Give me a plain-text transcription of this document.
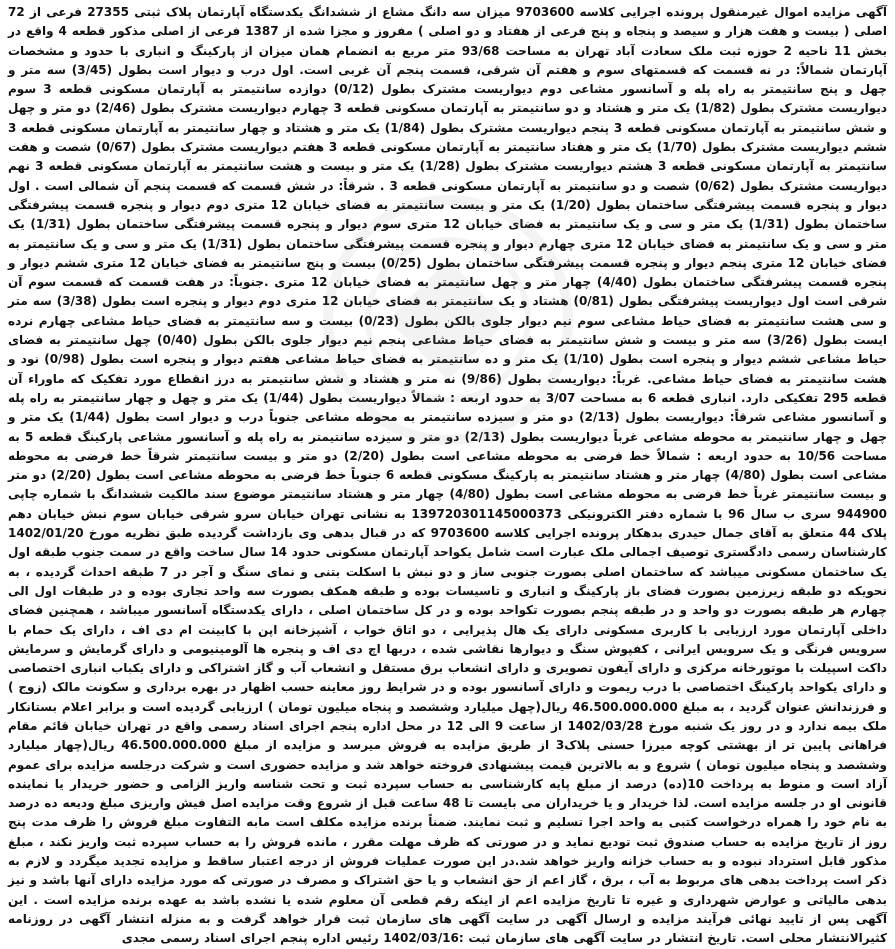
آگهی مزایده اموال غیرمنقول پرونده اجرایی کلاسه 9703600 میزان سه دانگ مشاع از ششدانگ یکدستگاه آپارتمان پلاک ثبتی 27355 فرعی از 72 اصلی ( بیست و هفت هزار و سیصد و پنجاه و پنج فرعی از هفتاد و دو اصلی ) مفروز و مجزا شده از 1387 فرعی از اصلی مذکور قطعه 4 واقع در بخش 11 ناحیه 2 حوزه ثبت ملک سعادت آباد تهران به مساحت 93/68 متر مربع به انضمام همان میزان از پارکینگ و انباری با حدود و مشخصات آپارتمان شمالاً: در نه قسمت که قسمتهای سوم و هفتم آن شرقی، قسمت پنجم آن غربی است. اول درب و دیوار است بطول (3/45) سه متر و چهل و پنج سانتیمتر به راه پله و آسانسور مشاعی دوم دیواریست مشترک بطول (0/12) دوازده سانتیمتر به آپارتمان مسکونی قطعه 3 سوم دیواریست مشترک بطول (1/82) یک متر و هشتاد و دو سانتیمتر به آپارتمان مسکونی قطعه 3 چهارم دیواریست مشترک بطول (2/46) دو متر و چهل و شش سانتیمتر به آپارتمان مسکونی قطعه 3 پنجم دیواریست مشترک بطول (1/84) یک متر و هشتاد و چهار سانتیمتر به آپارتمان مسکونی قطعه 3 ششم دیواریست مشترک بطول (1/70) یک متر و هفتاد سانتیمتر به آپارتمان مسکونی قطعه 3 هفتم دیواریست مشترک بطول (0/67) شصت و هفت سانتیمتر به آپارتمان مسکونی قطعه 3 هشتم دیواریست مشترک بطول (1/28) یک متر و بیست و هشت سانتیمتر به آپارتمان مسکونی قطعه 3 نهم دیواریست مشترک بطول (0/62) شصت و دو سانتیمتر به آپارتمان مسکونی قطعه 3 . شرقاً: در شش قسمت که قسمت پنجم آن شمالی است . اول دیوار و پنجره قسمت پیشرفتگی ساختمان بطول (1/20) یک متر و بیست سانتیمتر به فضای خیابان 12 متری دوم دیوار و پنجره قسمت پیشرفتگی ساختمان بطول (1/31) یک متر و سی و یک سانتیمتر به فضای خیابان 12 متری سوم دیوار و پنجره قسمت پیشرفتگی ساختمان بطول (1/31) یک متر و سی و یک سانتیمتر به فضای خیابان 12 متری چهارم دیوار و پنجره قسمت پیشرفتگی ساختمان بطول (1/31) یک متر و سی و یک سانتیمتر به فضای خیابان 12 متری پنجم دیوار و پنجره قسمت پیشرفتگی ساختمان بطول (0/25) بیست و پنج سانتیمتر به فضای خیابان 12 متری ششم دیوار و پنجره قسمت پیشرفتگی ساختمان بطول (4/40) چهار متر و چهل سانتیمتر به فضای خیابان 12 متری .جنوباً: در هفت قسمت که قسمت سوم آن شرقی است اول دیواریست پیشرفتگی بطول (0/81) هشتاد و یک سانتیمتر به فضای خیابان 12 متری دوم دیوار و پنجره است بطول (3/38) سه متر و سی هشت سانتیمتر به فضای حیاط مشاعی سوم نیم دیوار جلوی بالکن بطول (0/23) بیست و سه سانتیمتر به فضای حیاط مشاعی چهارم نرده ایست بطول (3/26) سه متر و بیست و شش سانتیمتر به فضای حیاط مشاعی پنجم نیم دیوار جلوی بالکن بطول (0/40) چهل سانتیمتر به فضای حیاط مشاعی ششم دیوار و پنجره است بطول (1/10) یک متر و ده سانتیمتر به فضای حیاط مشاعی هفتم دیوار و پنجره است بطول (0/98) نود و هشت سانتیمتر به فضای حیاط مشاعی. غرباً: دیواریست بطول (9/86) نه متر و هشتاد و شش سانتیمتر به درز انقطاع مورد تفکیک که ماوراء آن قطعه 295 تفکیکی دارد. انباری قطعه 6 به مساحت 3/07 به حدود اربعه : شمالاً دیواریست بطول (1/44) یک متر و چهل و چهار سانتیمتر به راه پله و آسانسور مشاعی شرقاً: دیواریست بطول (2/13) دو متر و سیزده سانتیمتر به محوطه مشاعی جنوباً درب و دیوار است بطول (1/44) یک متر و چهل و چهار سانتیمتر به محوطه مشاعی غرباً دیواریست بطول (2/13) دو متر و سیزده سانتیمتر به راه پله و آسانسور مشاعی پارکینگ قطعه 5 به مساحت 10/56 به حدود اربعه : شمالاً خط فرضی به محوطه مشاعی است بطول (2/20) دو متر و بیست سانتیمتر شرقاً خط فرضی به محوطه مشاعی است بطول (4/80) چهار متر و هشتاد سانتیمتر به پارکینگ مسکونی قطعه 6 جنوباً خط فرضی به محوطه مشاعی است بطول (2/20) دو متر و بیست سانتیمتر غرباً خط فرضی به محوطه مشاعی است بطول (4/80) چهار متر و هشتاد سانتیمتر موضوع سند مالکیت ششدانگ با شماره چاپی 944900 سری ب سال 96 با شماره دفتر الکترونیکی 139720301145000373 به نشانی تهران خیابان سرو شرقی خیابان سوم نبش خیابان دهم پلاک 44 متعلق به آقای جمال حیدری بدهکار پرونده اجرایی کلاسه 9703600 که در قبال بدهی وی بازداشت گردیده طبق نظریه مورخ 1402/01/20 کارشناسان رسمی دادگستری توصیف اجمالی ملک عبارت است شامل یکواحد آپارتمان مسکونی حدود 14 سال ساخت واقع در سمت جنوب طبقه اول یک ساختمان مسکونی میباشد که ساختمان اصلی بصورت جنوبی ساز و دو نبش با اسکلت بتنی و نمای سنگ و آجر در 7 طبقه احداث گردیده ، به نحویکه دو طبقه زیرزمین بصورت فضای باز پارکینگ و انباری و تاسیسات بوده و طبقه همکف بصورت سه واحد تجاری بوده و در طبقات اول الی چهارم هر طبقه بصورت دو واحد و در طبقه پنجم بصورت تکواحد بوده و در کل ساختمان اصلی ، دارای یکدستگاه آسانسور میباشد ، همچنین فضای داخلی آپارتمان مورد ارزیابی با کاربری مسکونی دارای یک هال پذیرایی ، دو اتاق خواب ، آشپزخانه اپن با کابینت ام دی اف ، دارای یک حمام با سرویس فرنگی و یک سرویس ایرانی ، کفپوش سنگ و دیوارها نقاشی شده ، دربها اچ دی اف و پنجره ها آلومینیومی و دارای گرمایش و سرمایش داکت اسپیلت با موتورخانه مرکزی و دارای آیفون تصویری و دارای انشعاب برق مستقل و انشعاب آب و گاز اشتراکی و دارای یکباب انباری اختصاصی و دارای یکواحد پارکینگ اختصاصی با درب ریموت و دارای آسانسور بوده و در شرایط روز معاینه حسب اظهار در بهره برداری و سکونت مالک (زوج ) و فرزندانش عنوان گردید ، به مبلغ 46.500.000.000 ریال(چهل میلیارد وششصد و پنجاه میلیون تومان ) ارزیابی گردیده است و برابر اعلام بستانکار ملک بیمه ندارد و در روز یک شنبه مورخ 1402/03/28 از ساعت 9 الی 12 در محل اداره پنجم اجرای اسناد رسمی واقع در تهران خیابان قائم مقام فراهانی پایین تر از بهشتی کوچه میرزا حسنی پلاک3 از طریق مزایده به فروش میرسد و مزایده از مبلغ 46.500.000.000 ریال(چهار میلیارد وششصد و پنجاه میلیون تومان ) شروع و به بالاترین قیمت پیشنهادی فروخته خواهد شد و مزایده حضوری است و شرکت درجلسه مزایده برای عموم آزاد است و منوط به پرداخت 10(ده) درصد از مبلغ پایه کارشناسی به حساب سپرده ثبت و تحت شناسه واریز الزامی و حضور خریدار یا نماینده قانونی او در جلسه مزایده است. لذا خریدار و یا خریداران می بایست تا 48 ساعت قبل از شروع وقت مزایده اصل فیش واریزی مبلغ ودیعه ده درصد به نام خود را همراه درخواست کتبی به واحد اجرا تسلیم و ثبت نمایند. ضمناً برنده مزایده مکلف است مابه التفاوت مبلغ فروش را ظرف مدت پنج روز از تاریخ مزایده به حساب صندوق ثبت تودیع نماید و در صورتی که ظرف مهلت مقرر ، مانده فروش را به حساب سپرده ثبت واریز نکند ، مبلغ مذکور قابل استرداد نبوده و به حساب خزانه واریز خواهد شد.در این صورت عملیات فروش از درجه اعتبار ساقط و مزایده تجدید میگردد و لازم به ذکر است پرداخت بدهی های مربوط به آب ، برق ، گاز اعم از حق انشعاب و یا حق اشتراک و مصرف در صورتی که مورد مزایده دارای آنها باشد و نیز بدهی مالیاتی و عوارض شهرداری و غیره تا تاریخ مزایده اعم از اینکه رقم قطعی آن معلوم شده یا نشده باشد به عهده برنده مزایده است . این آگهی پس از تایید نهائی فرآیند مزایده و ارسال آگهی در سایت آگهی های سازمان ثبت قرار خواهد گرفت و به منزله انتشار آگهی در روزنامه کثیرالانتشار محلی است. تاریخ انتشار در سایت آگهی های سازمان ثبت :1402/03/16 رئیس اداره پنجم اجرای اسناد رسمی مجدی
